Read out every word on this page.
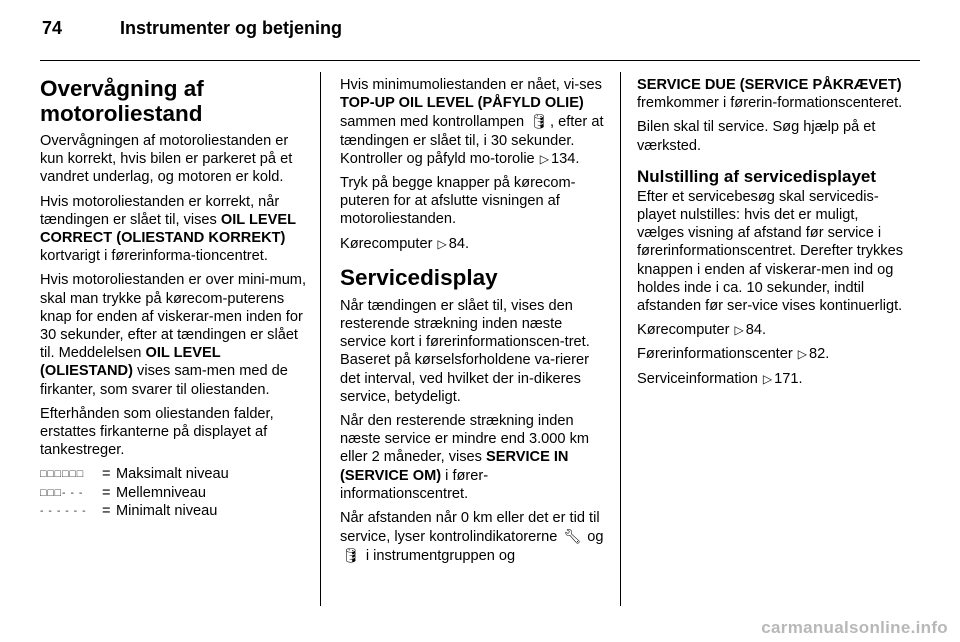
74	Instrumenter og betjening
Overvågning af motoroliestand

Overvågningen af motoroliestanden er kun korrekt, hvis bilen er parkeret på et vandret underlag, og motoren er kold.

Hvis motoroliestanden er korrekt, når tændingen er slået til, vises OIL LEVEL CORRECT (OLIESTAND KORREKT) kortvarigt i førerinforma-tioncentret.

Hvis motoroliestanden er over mini-mum, skal man trykke på kørecom-puterens knap for enden af viskerar-men inden for 30 sekunder, efter at tændingen er slået til. Meddelelsen OIL LEVEL (OLIESTAND) vises sam-men med de firkanter, som svarer til oliestanden.

Efterhånden som oliestanden falder, erstattes firkanterne på displayet af tankestreger.

□□□□□□	= Maksimalt niveau
□□□- - -	= Mellemniveau
- - - - - -	= Minimalt niveau

Hvis minimumoliestanden er nået, vi-ses TOP-UP OIL LEVEL (PÅFYLD OLIE) sammen med kontrollampen 🛢︎ , efter at tændingen er slået til, i 30 sekunder. Kontroller og påfyld mo-torolie ▷ 134.

Tryk på begge knapper på kørecom-puteren for at afslutte visningen af motoroliestanden.

Kørecomputer ▷ 84.

Servicedisplay

Når tændingen er slået til, vises den resterende strækning inden næste service kort i førerinformationscen-tret. Baseret på kørselsforholdene va-rierer det interval, ved hvilket der in-dikeres service, betydeligt.

Når den resterende strækning inden næste service er mindre end 3.000 km eller 2 måneder, vises SERVICE IN (SERVICE OM) i fører-informationscentret.

Når afstanden når 0 km eller det er tid til service, lyser kontrolindikatorerne 🔧︎ og 🛢︎ i instrumentgruppen og

SERVICE DUE (SERVICE PÅKRÆVET) fremkommer i førerin-formationscenteret.

Bilen skal til service. Søg hjælp på et værksted.

Nulstilling af servicedisplayet

Efter et servicebesøg skal servicedis-playet nulstilles: hvis det er muligt, vælges visning af afstand før service i førerinformationscentret. Derefter trykkes knappen i enden af viskerar-men ind og holdes inde i ca. 10 sekunder, indtil afstanden før ser-vice vises kontinuerligt.

Kørecomputer ▷ 84.

Førerinformationscenter ▷ 82.

Serviceinformation ▷ 171.

carmanualsonline.info
